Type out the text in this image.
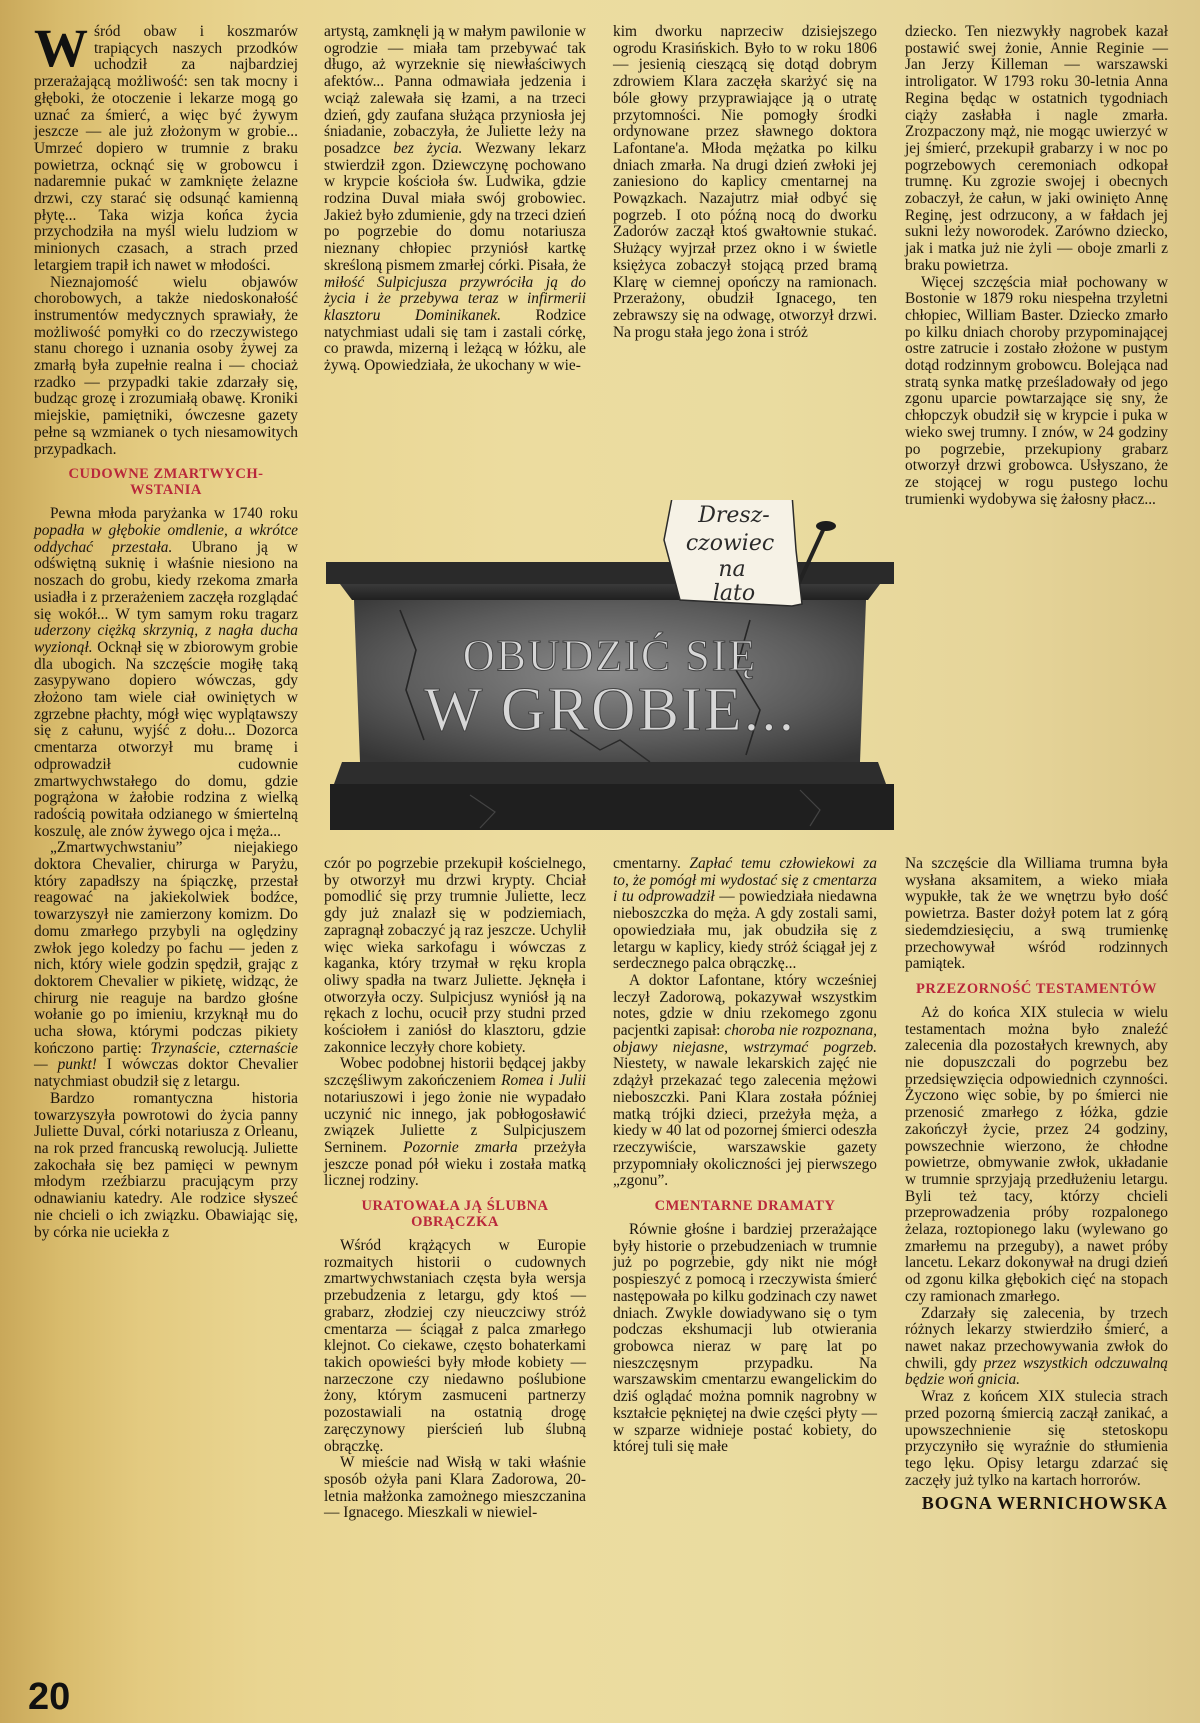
Wśród obaw i koszmarów trapiących naszych przodków uchodził za najbardziej przerażającą możliwość: sen tak mocny i głęboki, że otoczenie i lekarze mogą go uznać za śmierć, a więc być żywym jeszcze — ale już złożonym w grobie... Umrzeć dopiero w trumnie z braku powietrza, ocknąć się w grobowcu i nadaremnie pukać w zamknięte żelazne drzwi, czy starać się odsunąć kamienną płytę... Taka wizja końca życia przychodziła na myśl wielu ludziom w minionych czasach, a strach przed letargiem trapił ich nawet w młodości.

Nieznajomość wielu objawów chorobowych, a także niedoskonałość instrumentów medycznych sprawiały, że możliwość pomyłki co do rzeczywistego stanu chorego i uznania osoby żywej za zmarłą była zupełnie realna i — chociaż rzadko — przypadki takie zdarzały się, budząc grozę i zrozumiałą obawę. Kroniki miejskie, pamiętniki, ówczesne gazety pełne są wzmianek o tych niesamowitych przypadkach.

CUDOWNE ZMARTWYCH-WSTANIA

Pewna młoda paryżanka w 1740 roku popadła w głębokie omdlenie, a wkrótce oddychać przestała. Ubrano ją w odświętną suknię i właśnie niesiono na noszach do grobu, kiedy rzekoma zmarła usiadła i z przerażeniem zaczęła rozglądać się wokół... W tym samym roku tragarz uderzony ciężką skrzynią, z nagła ducha wyzionął. Ocknął się w zbiorowym grobie dla ubogich. Na szczęście mogiłę taką zasypywano dopiero wówczas, gdy złożono tam wiele ciał owiniętych w zgrzebne płachty, mógł więc wyplątawszy się z całunu, wyjść z dołu... Dozorca cmentarza otworzył mu bramę i odprowadził cudownie zmartwychwstałego do domu, gdzie pogrążona w żałobie rodzina z wielką radością powitała odzianego w śmiertelną koszulę, ale znów żywego ojca i męża...

„Zmartwychwstaniu” niejakiego doktora Chevalier, chirurga w Paryżu, który zapadłszy na śpiączkę, przestał reagować na jakiekolwiek bodźce, towarzyszył nie zamierzony komizm. Do domu zmarłego przybyli na oględziny zwłok jego koledzy po fachu — jeden z nich, który wiele godzin spędził, grając z doktorem Chevalier w pikietę, widząc, że chirurg nie reaguje na bardzo głośne wołanie go po imieniu, krzyknął mu do ucha słowa, którymi podczas pikiety kończono partię: Trzynaście, czternaście — punkt! I wówczas doktor Chevalier natychmiast obudził się z letargu.

Bardzo romantyczna historia towarzyszyła powrotowi do życia panny Juliette Duval, córki notariusza z Orleanu, na rok przed francuską rewolucją. Juliette zakochała się bez pamięci w pewnym młodym rzeźbiarzu pracującym przy odnawianiu katedry. Ale rodzice słyszeć nie chcieli o ich związku. Obawiając się, by córka nie uciekła z

artystą, zamknęli ją w małym pawilonie w ogrodzie — miała tam przebywać tak długo, aż wyrzeknie się niewłaściwych afektów... Panna odmawiała jedzenia i wciąż zalewała się łzami, a na trzeci dzień, gdy zaufana służąca przyniosła jej śniadanie, zobaczyła, że Juliette leży na posadzce bez życia. Wezwany lekarz stwierdził zgon. Dziewczynę pochowano w krypcie kościoła św. Ludwika, gdzie rodzina Duval miała swój grobowiec. Jakież było zdumienie, gdy na trzeci dzień po pogrzebie do domu notariusza nieznany chłopiec przyniósł kartkę skreśloną pismem zmarłej córki. Pisała, że miłość Sulpicjusza przywróciła ją do życia i że przebywa teraz w infirmerii klasztoru Dominikanek. Rodzice natychmiast udali się tam i zastali córkę, co prawda, mizerną i leżącą w łóżku, ale żywą. Opowiedziała, że ukochany w wie-

kim dworku naprzeciw dzisiejszego ogrodu Krasińskich. Było to w roku 1806 — jesienią cieszącą się dotąd dobrym zdrowiem Klara zaczęła skarżyć się na bóle głowy przyprawiające ją o utratę przytomności. Nie pomogły środki ordynowane przez sławnego doktora Lafontane'a. Młoda mężatka po kilku dniach zmarła. Na drugi dzień zwłoki jej zaniesiono do kaplicy cmentarnej na Powązkach. Nazajutrz miał odbyć się pogrzeb. I oto późną nocą do dworku Zadorów zaczął ktoś gwałtownie stukać. Służący wyjrzał przez okno i w świetle księżyca zobaczył stojącą przed bramą Klarę w ciemnej opończy na ramionach. Przerażony, obudził Ignacego, ten zebrawszy się na odwagę, otworzył drzwi. Na progu stała jego żona i stróż

dziecko. Ten niezwykły nagrobek kazał postawić swej żonie, Annie Reginie — Jan Jerzy Killeman — warszawski introligator. W 1793 roku 30-letnia Anna Regina będąc w ostatnich tygodniach ciąży zasłabła i nagle zmarła. Zrozpaczony mąż, nie mogąc uwierzyć w jej śmierć, przekupił grabarzy i w noc po pogrzebowych ceremoniach odkopał trumnę. Ku zgrozie swojej i obecnych zobaczył, że całun, w jaki owinięto Annę Reginę, jest odrzucony, a w fałdach jej sukni leży noworodek. Zarówno dziecko, jak i matka już nie żyli — oboje zmarli z braku powietrza.

Więcej szczęścia miał pochowany w Bostonie w 1879 roku niespełna trzyletni chłopiec, William Baster. Dziecko zmarło po kilku dniach choroby przypominającej ostre zatrucie i zostało złożone w pustym dotąd rodzinnym grobowcu. Bolejąca nad stratą synka matkę prześladowały od jego zgonu uparcie powtarzające się sny, że chłopczyk obudził się w krypcie i puka w wieko swej trumny. I znów, w 24 godziny po pogrzebie, przekupiony grabarz otworzył drzwi grobowca. Usłyszano, że ze stojącej w rogu pustego lochu trumienki wydobywa się żałosny płacz...

Dresz-
czowiec
na
lato
OBUDZIĆ SIĘ
W GROBIE...

czór po pogrzebie przekupił kościelnego, by otworzył mu drzwi krypty. Chciał pomodlić się przy trumnie Juliette, lecz gdy już znalazł się w podziemiach, zapragnął zobaczyć ją raz jeszcze. Uchylił więc wieka sarkofagu i wówczas z kaganka, który trzymał w ręku kropla oliwy spadła na twarz Juliette. Jęknęła i otworzyła oczy. Sulpicjusz wyniósł ją na rękach z lochu, ocucił przy studni przed kościołem i zaniósł do klasztoru, gdzie zakonnice leczyły chore kobiety.

Wobec podobnej historii będącej jakby szczęśliwym zakończeniem Romea i Julii notariuszowi i jego żonie nie wypadało uczynić nic innego, jak pobłogosławić związek Juliette z Sulpicjuszem Serninem. Pozornie zmarła przeżyła jeszcze ponad pół wieku i została matką licznej rodziny.

URATOWAŁA JĄ ŚLUBNA OBRĄCZKA

Wśród krążących w Europie rozmaitych historii o cudownych zmartwychwstaniach częsta była wersja przebudzenia z letargu, gdy ktoś — grabarz, złodziej czy nieuczciwy stróż cmentarza — ściągał z palca zmarłego klejnot. Co ciekawe, często bohaterkami takich opowieści były młode kobiety — narzeczone czy niedawno poślubione żony, którym zasmuceni partnerzy pozostawiali na ostatnią drogę zaręczynowy pierścień lub ślubną obrączkę.

W mieście nad Wisłą w taki właśnie sposób ożyła pani Klara Zadorowa, 20-letnia małżonka zamożnego mieszczanina — Ignacego. Mieszkali w niewiel-

cmentarny. Zapłać temu człowiekowi za to, że pomógł mi wydostać się z cmentarza i tu odprowadził — powiedziała niedawna nieboszczka do męża. A gdy zostali sami, opowiedziała mu, jak obudziła się z letargu w kaplicy, kiedy stróż ściągał jej z serdecznego palca obrączkę...

A doktor Lafontane, który wcześniej leczył Zadorową, pokazywał wszystkim notes, gdzie w dniu rzekomego zgonu pacjentki zapisał: choroba nie rozpoznana, objawy niejasne, wstrzymać pogrzeb. Niestety, w nawale lekarskich zajęć nie zdążył przekazać tego zalecenia mężowi nieboszczki. Pani Klara została później matką trójki dzieci, przeżyła męża, a kiedy w 40 lat od pozornej śmierci odeszła rzeczywiście, warszawskie gazety przypomniały okoliczności jej pierwszego „zgonu”.

CMENTARNE DRAMATY

Równie głośne i bardziej przerażające były historie o przebudzeniach w trumnie już po pogrzebie, gdy nikt nie mógł pospieszyć z pomocą i rzeczywista śmierć następowała po kilku godzinach czy nawet dniach. Zwykle dowiadywano się o tym podczas ekshumacji lub otwierania grobowca nieraz w parę lat po nieszczęsnym przypadku. Na warszawskim cmentarzu ewangelickim do dziś oglądać można pomnik nagrobny w kształcie pękniętej na dwie części płyty — w szparze widnieje postać kobiety, do której tuli się małe

Na szczęście dla Williama trumna była wysłana aksamitem, a wieko miała wypukłe, tak że we wnętrzu było dość powietrza. Baster dożył potem lat z górą siedemdziesięciu, a swą trumienkę przechowywał wśród rodzinnych pamiątek.

PRZEZORNOŚĆ TESTAMENTÓW

Aż do końca XIX stulecia w wielu testamentach można było znaleźć zalecenia dla pozostałych krewnych, aby nie dopuszczali do pogrzebu bez przedsięwzięcia odpowiednich czynności. Życzono więc sobie, by po śmierci nie przenosić zmarłego z łóżka, gdzie zakończył życie, przez 24 godziny, powszechnie wierzono, że chłodne powietrze, obmywanie zwłok, układanie w trumnie sprzyjają przedłużeniu letargu. Byli też tacy, którzy chcieli przeprowadzenia próby rozpalonego żelaza, roztopionego laku (wylewano go zmarłemu na przeguby), a nawet próby lancetu. Lekarz dokonywał na drugi dzień od zgonu kilka głębokich cięć na stopach czy ramionach zmarłego.

Zdarzały się zalecenia, by trzech różnych lekarzy stwierdziło śmierć, a nawet nakaz przechowywania zwłok do chwili, gdy przez wszystkich odczuwalną będzie woń gnicia.

Wraz z końcem XIX stulecia strach przed pozorną śmiercią zaczął zanikać, a upowszechnienie się stetoskopu przyczyniło się wyraźnie do stłumienia tego lęku. Opisy letargu zdarzać się zaczęły już tylko na kartach horrorów.

BOGNA WERNICHOWSKA
20
